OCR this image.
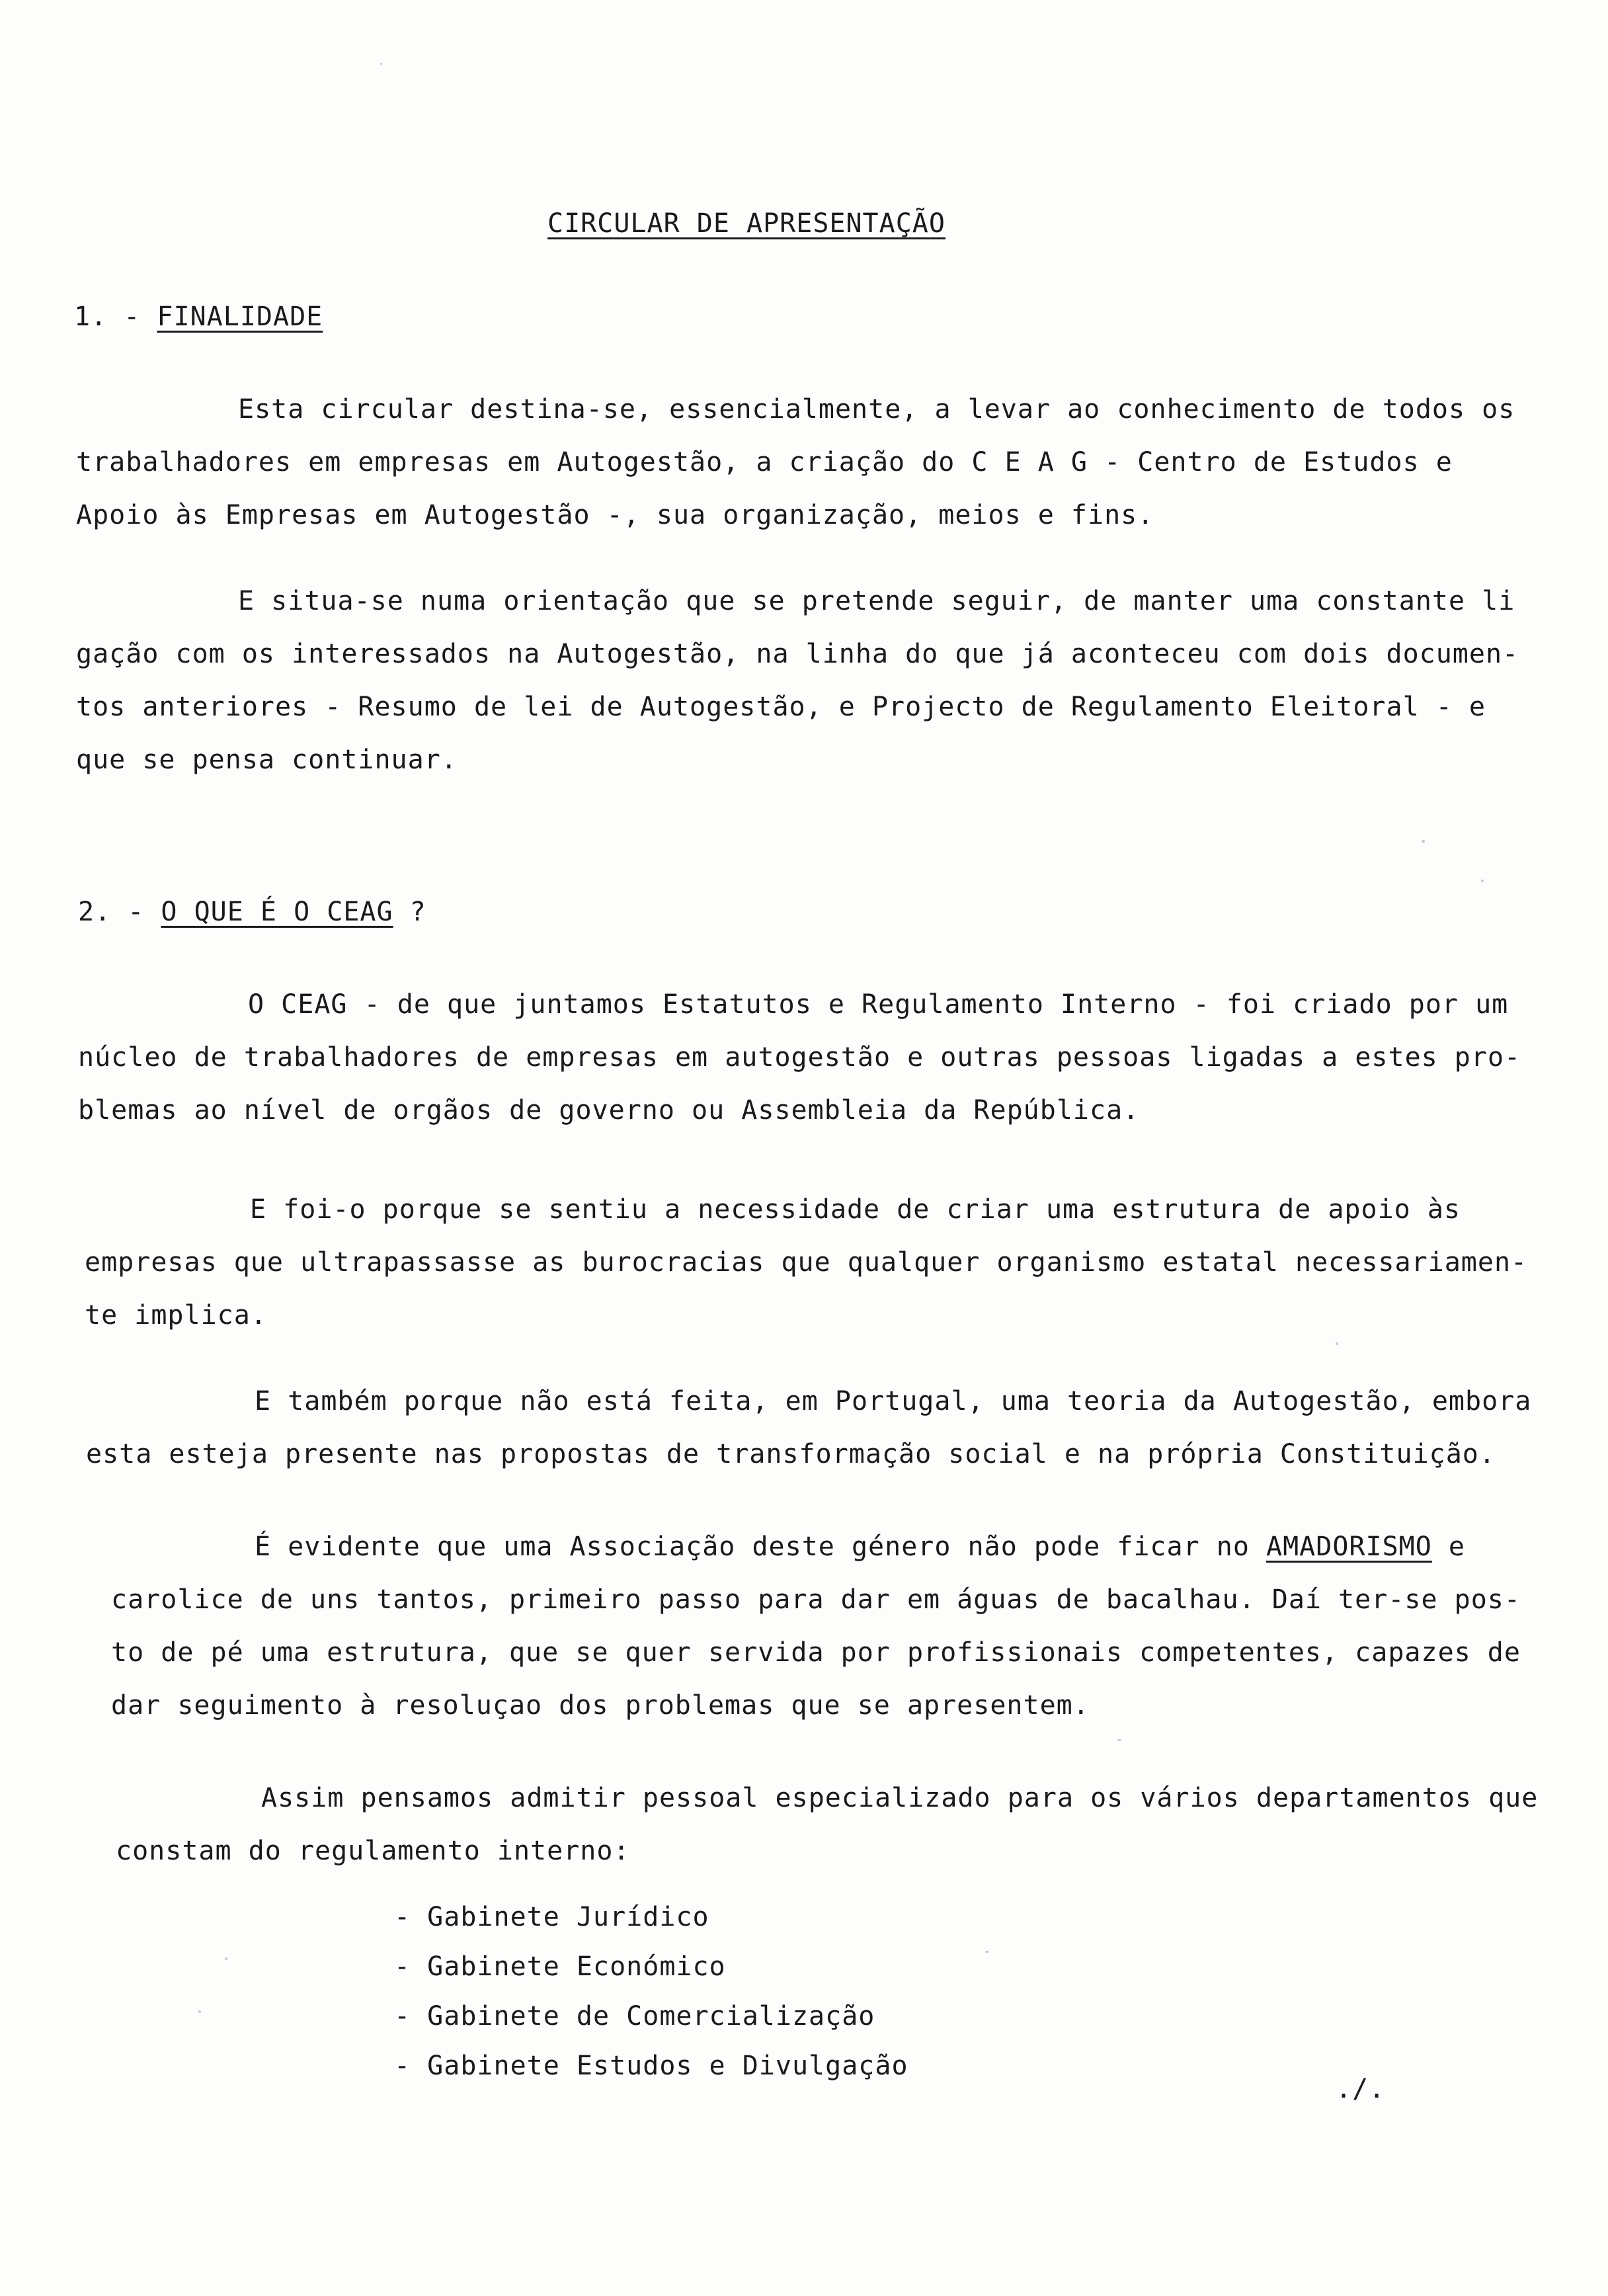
CIRCULAR DE APRESENTAÇÃO
1. - FINALIDADE
Esta circular destina-se, essencialmente, a levar ao conhecimento de todos os
trabalhadores em empresas em Autogestão, a criação do C E A G - Centro de Estudos e
Apoio às Empresas em Autogestão -, sua organização, meios e fins.
E situa-se numa orientação que se pretende seguir, de manter uma constante li
gação com os interessados na Autogestão, na linha do que já aconteceu com dois documen-
tos anteriores - Resumo de lei de Autogestão, e Projecto de Regulamento Eleitoral - e
que se pensa continuar.
2. - O QUE É O CEAG ?
O CEAG - de que juntamos Estatutos e Regulamento Interno - foi criado por um
núcleo de trabalhadores de empresas em autogestão e outras pessoas ligadas a estes pro-
blemas ao nível de orgãos de governo ou Assembleia da República.
E foi-o porque se sentiu a necessidade de criar uma estrutura de apoio às
empresas que ultrapassasse as burocracias que qualquer organismo estatal necessariamen-
te implica.
E também porque não está feita, em Portugal, uma teoria da Autogestão, embora
esta esteja presente nas propostas de transformação social e na própria Constituição.
É evidente que uma Associação deste género não pode ficar no AMADORISMO e
carolice de uns tantos, primeiro passo para dar em águas de bacalhau. Daí ter-se pos-
to de pé uma estrutura, que se quer servida por profissionais competentes, capazes de
dar seguimento à resoluçao dos problemas que se apresentem.
Assim pensamos admitir pessoal especializado para os vários departamentos que
constam do regulamento interno:
- Gabinete Jurídico
- Gabinete Económico
- Gabinete de Comercialização
- Gabinete Estudos e Divulgação
./.
